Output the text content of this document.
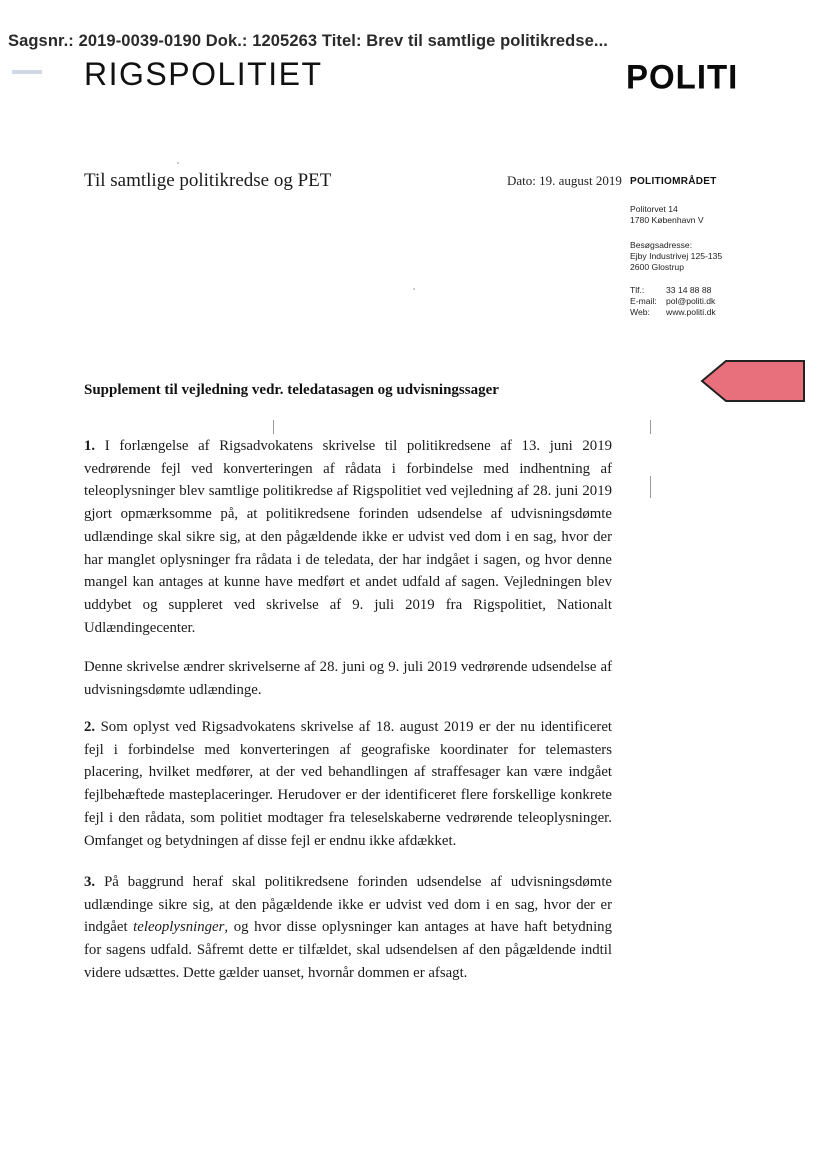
Sagsnr.: 2019-0039-0190 Dok.: 1205263 Titel: Brev til samtlige politikredse...
RIGSPOLITIET	POLITI
Til samtlige politikredse og PET	Dato: 19. august 2019 POLITIOMRÅDET
Politorvet 14
1780 København V
Besøgsadresse:
Ejby Industrivej 125-135
2600 Glostrup
Tlf.:	33 14 88 88
E-mail:	pol@politi.dk
Web:	www.politi.dk
Supplement til vejledning vedr. teledatasagen og udvisningssager
1. I forlængelse af Rigsadvokatens skrivelse til politikredsene af 13. juni 2019 vedrørende fejl ved konverteringen af rådata i forbindelse med indhentning af teleoplysninger blev samtlige politikredse af Rigspolitiet ved vejledning af 28. juni 2019 gjort opmærksomme på, at politikredsene forinden udsendelse af udvisningsdømte udlændinge skal sikre sig, at den pågældende ikke er udvist ved dom i en sag, hvor der har manglet oplysninger fra rådata i de teledata, der har indgået i sagen, og hvor denne mangel kan antages at kunne have medført et andet udfald af sagen. Vejledningen blev uddybet og suppleret ved skrivelse af 9. juli 2019 fra Rigspolitiet, Nationalt Udlændingecenter.
Denne skrivelse ændrer skrivelserne af 28. juni og 9. juli 2019 vedrørende udsendelse af udvisningsdømte udlændinge.
2. Som oplyst ved Rigsadvokatens skrivelse af 18. august 2019 er der nu identificeret fejl i forbindelse med konverteringen af geografiske koordinater for telemasters placering, hvilket medfører, at der ved behandlingen af straffesager kan være indgået fejlbehæftede masteplaceringer. Herudover er der identificeret flere forskellige konkrete fejl i den rådata, som politiet modtager fra teleselskaberne vedrørende teleoplysninger. Omfanget og betydningen af disse fejl er endnu ikke afdækket.
3. På baggrund heraf skal politikredsene forinden udsendelse af udvisningsdømte udlændinge sikre sig, at den pågældende ikke er udvist ved dom i en sag, hvor der er indgået teleoplysninger, og hvor disse oplysninger kan antages at have haft betydning for sagens udfald. Såfremt dette er tilfældet, skal udsendelsen af den pågældende indtil videre udsættes. Dette gælder uanset, hvornår dommen er afsagt.
